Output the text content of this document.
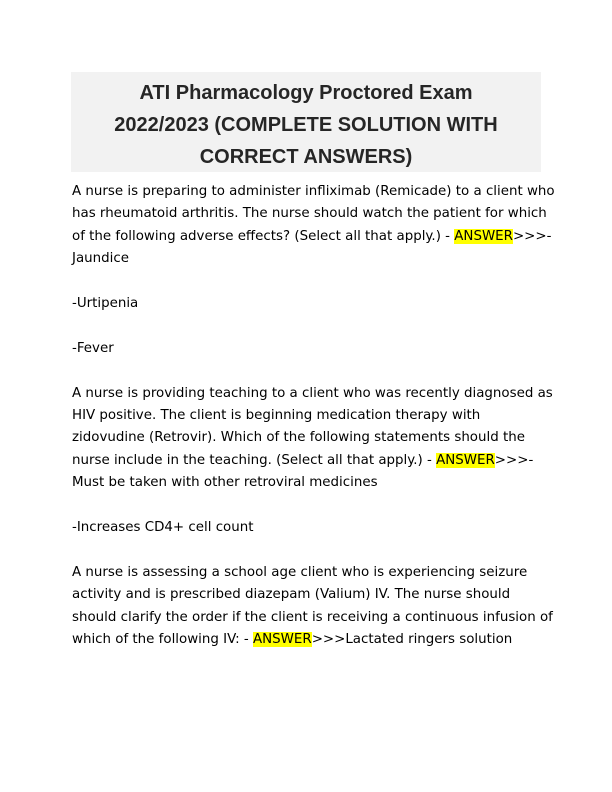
ATI Pharmacology Proctored Exam
2022/2023 (COMPLETE SOLUTION WITH
CORRECT ANSWERS)
A nurse is preparing to administer infliximab (Remicade) to a client who
has rheumatoid arthritis. The nurse should watch the patient for which
of the following adverse effects? (Select all that apply.) - ANSWER>>>-
Jaundice
-Urtipenia
-Fever
A nurse is providing teaching to a client who was recently diagnosed as
HIV positive. The client is beginning medication therapy with
zidovudine (Retrovir). Which of the following statements should the
nurse include in the teaching. (Select all that apply.) - ANSWER>>>-
Must be taken with other retroviral medicines
-Increases CD4+ cell count
A nurse is assessing a school age client who is experiencing seizure
activity and is prescribed diazepam (Valium) IV. The nurse should
should clarify the order if the client is receiving a continuous infusion of
which of the following IV: - ANSWER>>>Lactated ringers solution
